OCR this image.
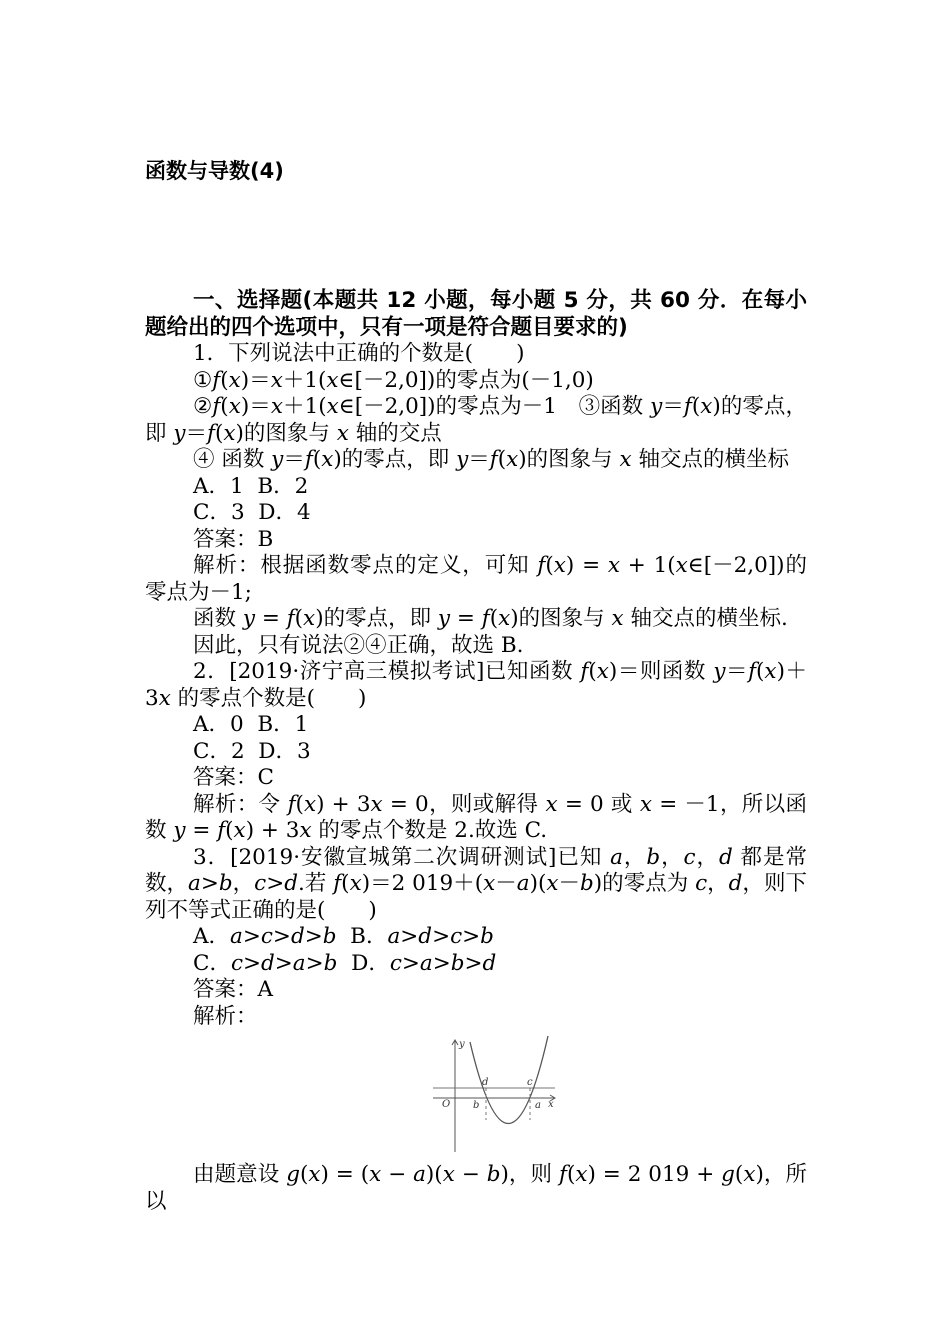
函数与导数(4)

一、选择题(本题共 12 小题，每小题 5 分，共 60 分．在每小题给出的四个选项中，只有一项是符合题目要求的)

1．下列说法中正确的个数是(　　)

①f(x)＝x＋1(x∈[－2,0])的零点为(－1,0)

②f(x)＝x＋1(x∈[－2,0])的零点为－1　③函数 y＝f(x)的零点，即 y＝f(x)的图象与 x 轴的交点

④ 函数 y＝f(x)的零点，即 y＝f(x)的图象与 x 轴交点的横坐标

A．1  B．2

C．3  D．4

答案：B

解析：根据函数零点的定义，可知 f(x) = x + 1(x∈[－2,0])的零点为－1;

函数 y = f(x)的零点，即 y = f(x)的图象与 x 轴交点的横坐标.

因此，只有说法②④正确，故选 B.

2．[2019·济宁高三模拟考试]已知函数 f(x)＝则函数 y＝f(x)＋3x 的零点个数是(　　)

A．0  B．1

C．2  D．3

答案：C

解析：令 f(x) + 3x = 0，则或解得 x = 0 或 x = －1，所以函数 y = f(x) + 3x 的零点个数是 2.故选 C.

3．[2019·安徽宣城第二次调研测试]已知 a，b，c，d 都是常数，a>b，c>d.若 f(x)＝2 019＋(x－a)(x－b)的零点为 c，d，则下列不等式正确的是(　　)

A．a>c>d>b  B．a>d>c>b

C．c>d>a>b  D．c>a>b>d

答案：A

解析：

y
O	x
d	c
b	a

由题意设 g(x) = (x − a)(x − b)，则 f(x) = 2 019 + g(x)，所以
